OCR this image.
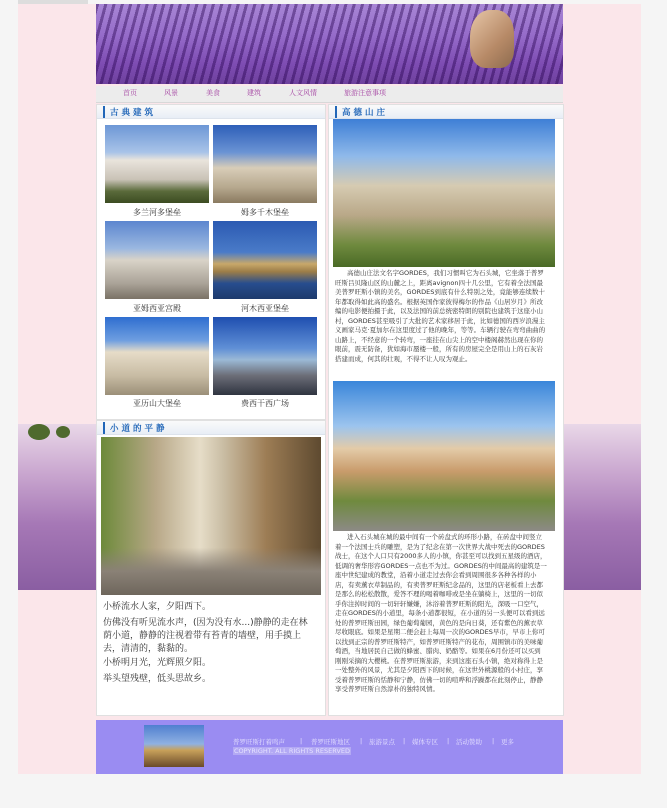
首页	风景	美食	建筑	人文风情	旅游注意事项
古典建筑
多兰河多堡垒	姆多千木堡垒
亚姆西亚宫殿	河木西亚堡垒
亚历山大堡垒	费西干西广场
小道的平静
小桥流水人家，夕阳西下。
仿佛没有听见流水声，(因为没有水...)静静的走在林荫小道，静静的注视着带有苔青的墙壁，用手摸上去，清清的，黏黏的。
小桥明月光，光辉照夕阳。
举头望残壁，低头思故乡。
高德山庄
高德山庄法文名字GORDES，我们习惯叫它为石头城，它坐落于普罗旺斯吕贝隆山区的山麓之上，距离avignon四十几公里，它有着全法国最美普罗旺斯小镇的美名，GORDES到底有什么特别之处，竟能够连续数十年都取得如此高的盛名。根据英国作家彼得梅尔的作品《山居岁月》所改编的电影便拍摄于此，以及法国的前总统密特朗的别院也建筑于这座小山村，GORDES甚至吸引了大批的艺术家移居于此，比如德国的西岁浪漫主义画家马克·夏加尔在这里度过了他的晚年，等等。车辆行驶在弯弯曲曲的山路上，不经意的一个转弯，一座挂在山尖上的空中楼阁赫然出现在你的眼前，震无防备，犹如海市蜃楼一般，所有的房屋完全是用山上的石灰岩搭建而成，何其的壮观，不得不让人叹为观止。
进入石头城在城的最中间有一个砖盘式的环形小路，在砖盘中间竖立着一个法国士兵的雕塑，是为了纪念在第一次世界大战中死去的GORDES战士，在这个人口只有2000多人的小镇，你甚至可以找到五星级的酒店，低调的奢华形容GORDES一点也不为过。GORDES的中间最高的建筑是一座中世纪建成的教堂，沿着小道走过去你会看到周围很多各种各样的小店，有卖薰衣草制品的，有卖普罗旺斯纪念品的，这里的店老板看上去都是那么的松松散散，爱答不理的喝着咖啡或是坐在躺椅上，这里的一切似乎你注掉时间的一切轩轩嫌嫌，沐浴着普罗旺斯的阳光，深吸一口空气，走在GORDES的小道里，每条小道都很短，在小道的另一头便可以看到远处的普罗旺斯田园，绿色葡萄葡园，黄色的是向日葵，还有紫色的薰衣草尽收眼底。如果是星期二便会赶上每周一次的GORDES早市，早市上你可以找到正宗的普罗旺斯特产，如普罗旺斯特产的花布，周围镇市的美味葡萄酒，当地居民自己做的蜂蜜、腊肉、奶酪等。如果在6月份还可以买到刚刚采摘的大樱桃。在普罗旺斯旅游，来到这座石头小镇，绝对称得上是一处整外的风景，尤其是夕阳西下的时候，在这世外桃源般的小村庄，享受着普罗旺斯的恬静和宁静，仿佛一切的喧哗和浮躁都在此刻停止，静静享受普罗旺斯自然淳朴的独特风情。
普罗旺斯打着鸣声 | 普罗旺斯地区 | 旅游景点 | 媒体专区 | 活动赞助 | 更多
COPYRIGHT. ALL RIGHTS RESERVED
